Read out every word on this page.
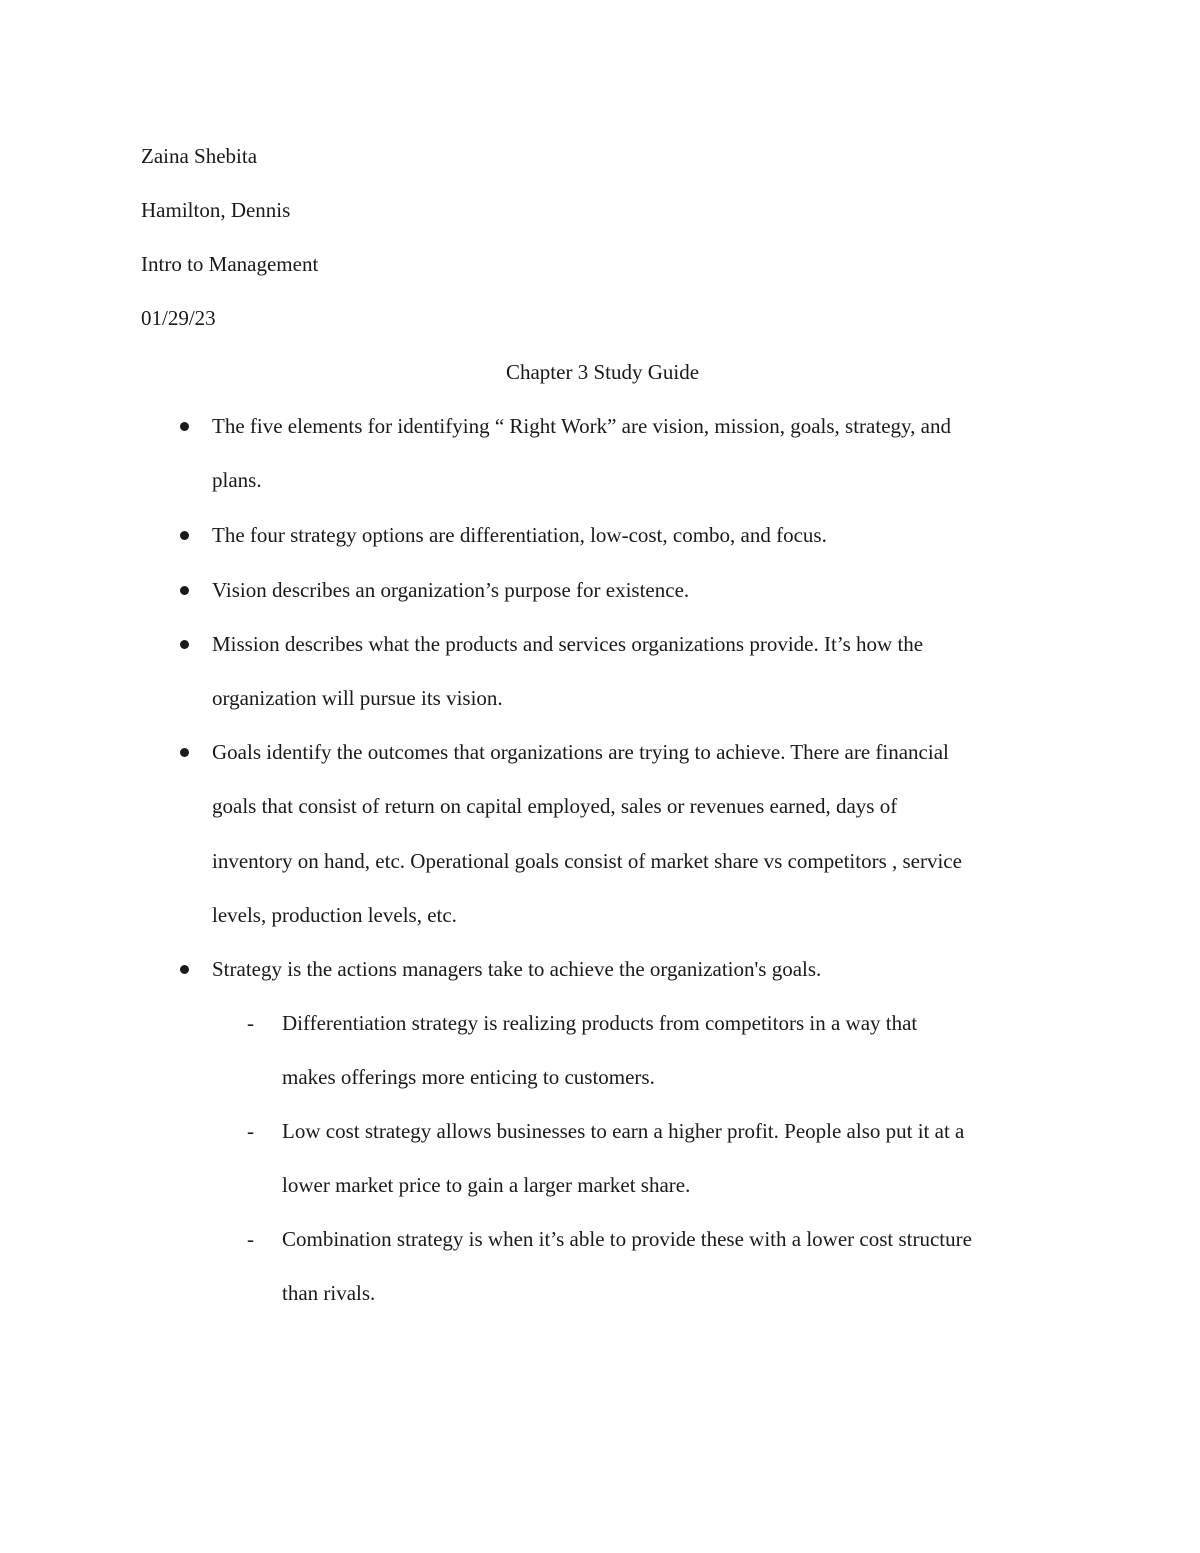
Zaina Shebita
Hamilton, Dennis
Intro to Management
01/29/23
Chapter 3 Study Guide
The five elements for identifying “ Right Work” are vision, mission, goals, strategy, and
plans.
The four strategy options are differentiation, low-cost, combo, and focus.
Vision describes an organization’s purpose for existence.
Mission describes what the products and services organizations provide. It’s how the
organization will pursue its vision.
Goals identify the outcomes that organizations are trying to achieve. There are financial
goals that consist of return on capital employed, sales or revenues earned, days of
inventory on hand, etc. Operational goals consist of market share vs competitors , service
levels, production levels, etc.
Strategy is the actions managers take to achieve the organization's goals.
- Differentiation strategy is realizing products from competitors in a way that
makes offerings more enticing to customers.
- Low cost strategy allows businesses to earn a higher profit. People also put it at a
lower market price to gain a larger market share.
- Combination strategy is when it’s able to provide these with a lower cost structure
than rivals.
